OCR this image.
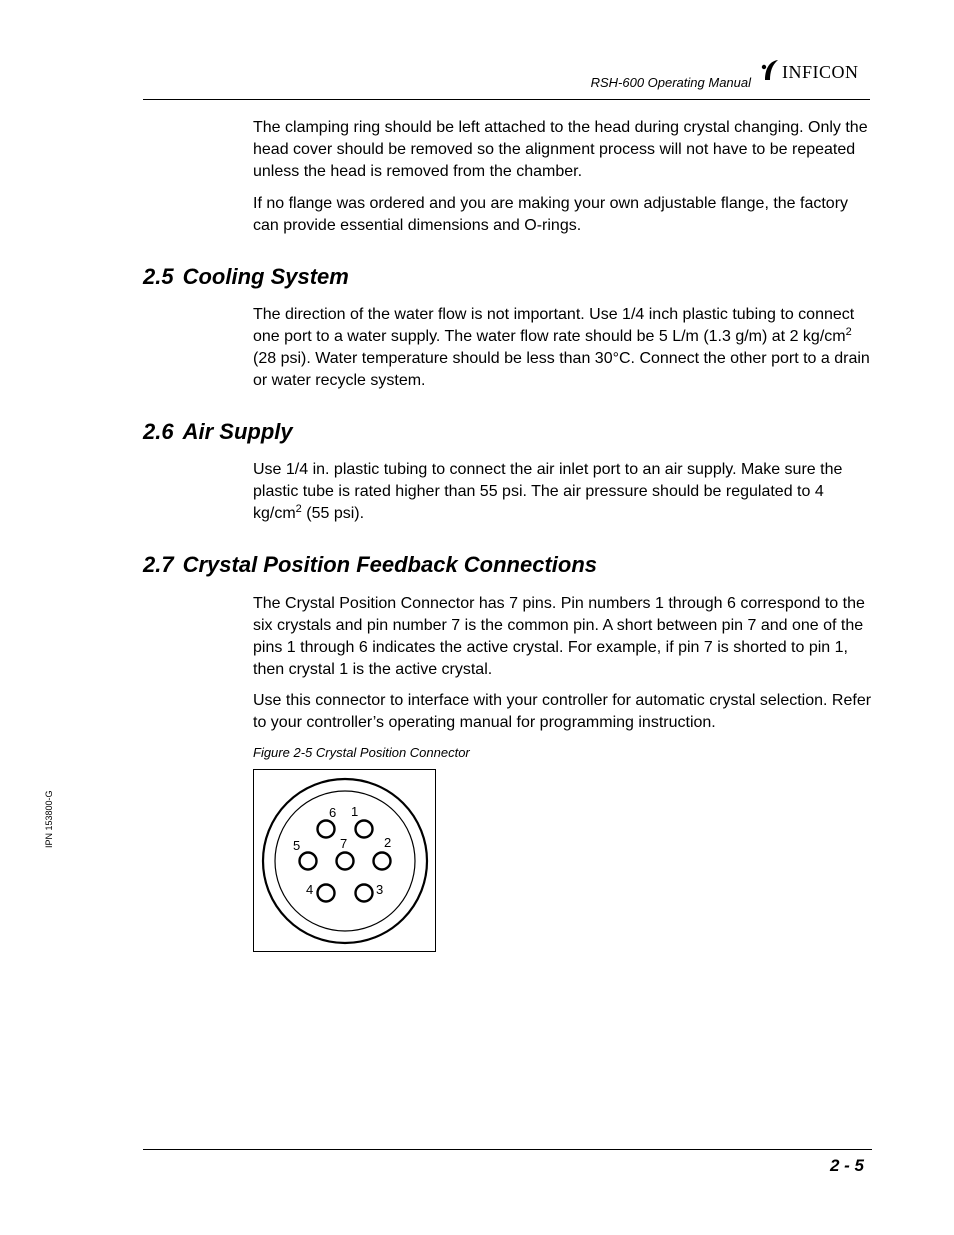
RSH-600 Operating Manual
INFICON

The clamping ring should be left attached to the head during crystal changing. Only the head cover should be removed so the alignment process will not have to be repeated unless the head is removed from the chamber.

If no flange was ordered and you are making your own adjustable flange, the factory can provide essential dimensions and O-rings.

2.5 Cooling System

The direction of the water flow is not important. Use 1/4 inch plastic tubing to connect one port to a water supply. The water flow rate should be 5 L/m (1.3 g/m) at 2 $kg/cm^2$ (28 psi). Water temperature should be less than 30°C. Connect the other port to a drain or water recycle system.

2.6 Air Supply

Use 1/4 in. plastic tubing to connect the air inlet port to an air supply. Make sure the plastic tube is rated higher than 55 psi. The air pressure should be regulated to 4 $kg/cm^2$ (55 psi).

2.7 Crystal Position Feedback Connections

The Crystal Position Connector has 7 pins. Pin numbers 1 through 6 correspond to the six crystals and pin number 7 is the common pin. A short between pin 7 and one of the pins 1 through 6 indicates the active crystal. For example, if pin 7 is shorted to pin 1, then crystal 1 is the active crystal.

Use this connector to interface with your controller for automatic crystal selection. Refer to your controller’s operating manual for programming instruction.

Figure 2-5 Crystal Position Connector
6 1
5	7	2
4	3
IPN 153800-G
2 - 5
